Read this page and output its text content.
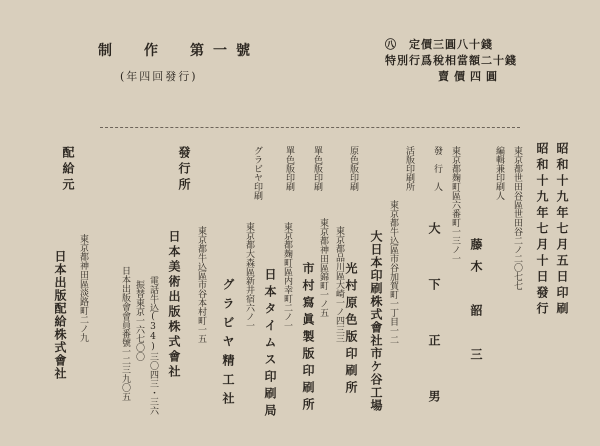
制　作　第一號
(年四回發行)
㊇　定價三圓八十錢
特別行爲稅相當額二十錢
賣價四圓
昭和十九年七月五日印刷
昭和十九年七月十日發行
東京都世田谷區世田谷二ノ二〇七七
編輯兼印刷人
藤木　韶　三
東京都麹町區六番町一三ノ一
發　行　人
大　下　正　男
活版印刷所
東京都牛込區市谷加賀町一丁目一二
大日本印刷株式會社市ケ谷工場
原色版印刷
東京都品川區大崎一ノ四三三 光村原色版印刷所
單色版印刷
東京都神田區錦町一ノ五
市村寫眞製版印刷所
單色版印刷
東京都麹町區内幸町二ノ一
日本タイムス印刷局
グラビヤ印刷
東京都大森區新井宿六ノ一
グラビヤ精工社
發行所
東京都牛込區市谷本村町一五
日本美術出版株式會社
電話牛込(34)三〇四三・三六
振替東京一六七〇〇
日本出版會會員番號一二三九〇五
配給元
東京都神田區淡路町二ノ九
日本出版配給株式會社
